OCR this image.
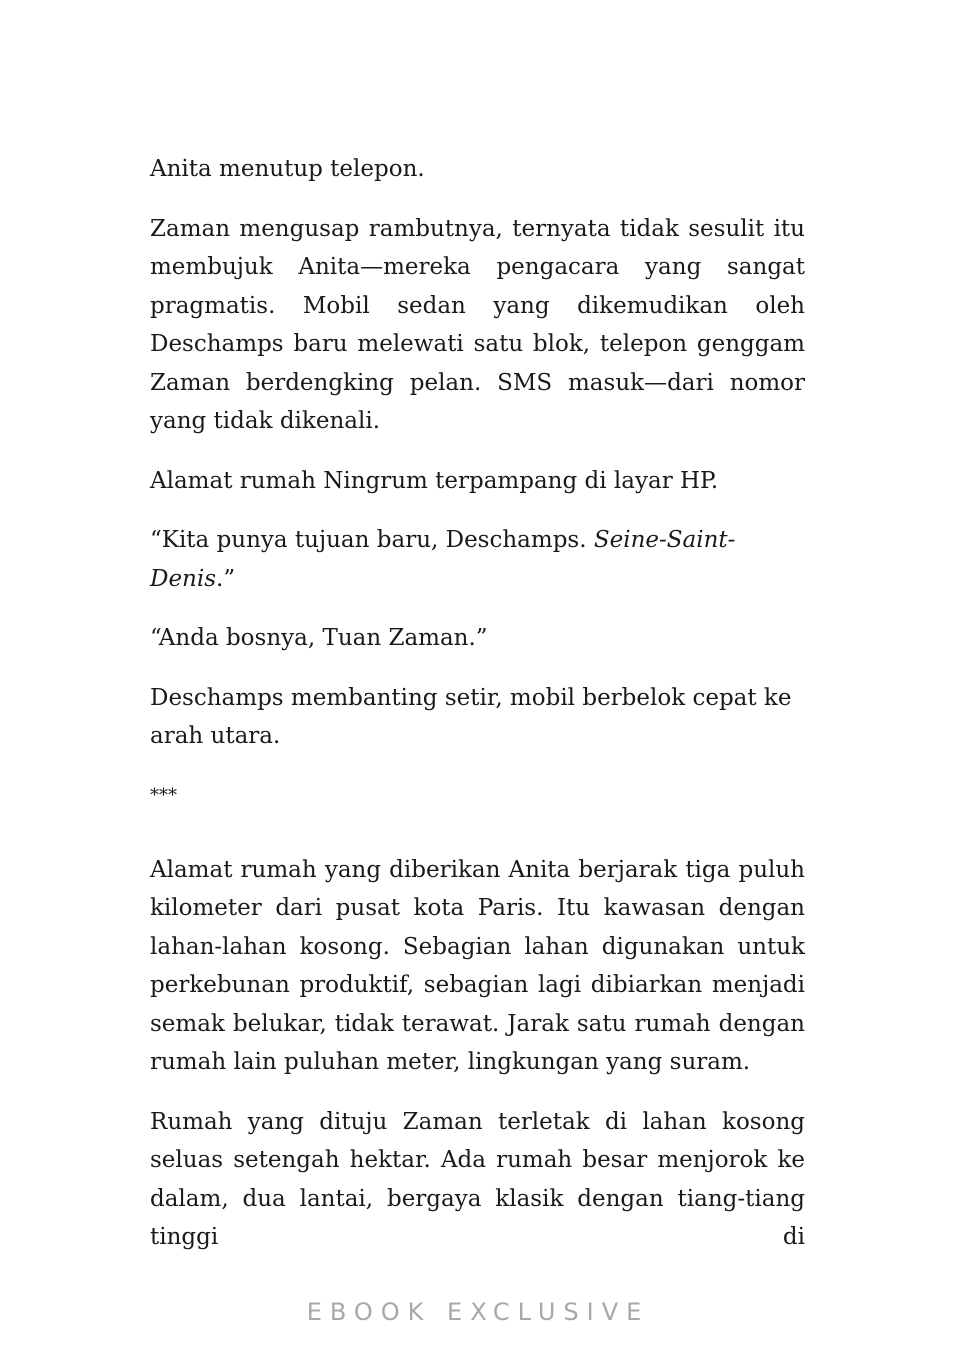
Anita menutup telepon.

Zaman mengusap rambutnya, ternyata tidak sesulit itu membujuk Anita—mereka pengacara yang sangat pragmatis. Mobil sedan yang dikemudikan oleh Deschamps baru melewati satu blok, telepon genggam Zaman berdengking pelan. SMS masuk—dari nomor yang tidak dikenali.

Alamat rumah Ningrum terpampang di layar HP.

“Kita punya tujuan baru, Deschamps. Seine-Saint-Denis.”

“Anda bosnya, Tuan Zaman.”

Deschamps membanting setir, mobil berbelok cepat ke arah utara.

***

Alamat rumah yang diberikan Anita berjarak tiga puluh kilometer dari pusat kota Paris. Itu kawasan dengan lahan-lahan kosong. Sebagian lahan digunakan untuk perkebunan produktif, sebagian lagi dibiarkan menjadi semak belukar, tidak terawat. Jarak satu rumah dengan rumah lain puluhan meter, lingkungan yang suram.

Rumah yang dituju Zaman terletak di lahan kosong seluas setengah hektar. Ada rumah besar menjorok ke dalam, dua lantai, bergaya klasik dengan tiang-tiang tinggi di

EBOOK EXCLUSIVE
